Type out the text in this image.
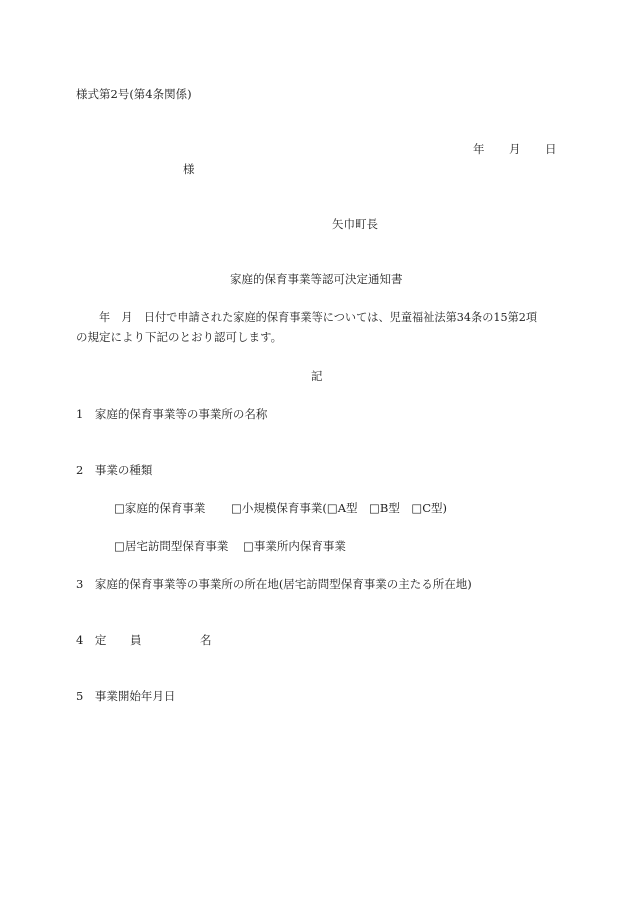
様式第2号(第4条関係)
年 月 日
様
矢巾町長
家庭的保育事業等認可決定通知書
年　月　日付で申請された家庭的保育事業等については、児童福祉法第34条の15第2項
の規定により下記のとおり認可します。
記
1　家庭的保育事業等の事業所の名称
2　事業の種類
□家庭的保育事業 □小規模保育事業(□A型　□B型　□C型)
□居宅訪問型保育事業 □事業所内保育事業
3　家庭的保育事業等の事業所の所在地(居宅訪問型保育事業の主たる所在地)
4　定 員	名
5　事業開始年月日
